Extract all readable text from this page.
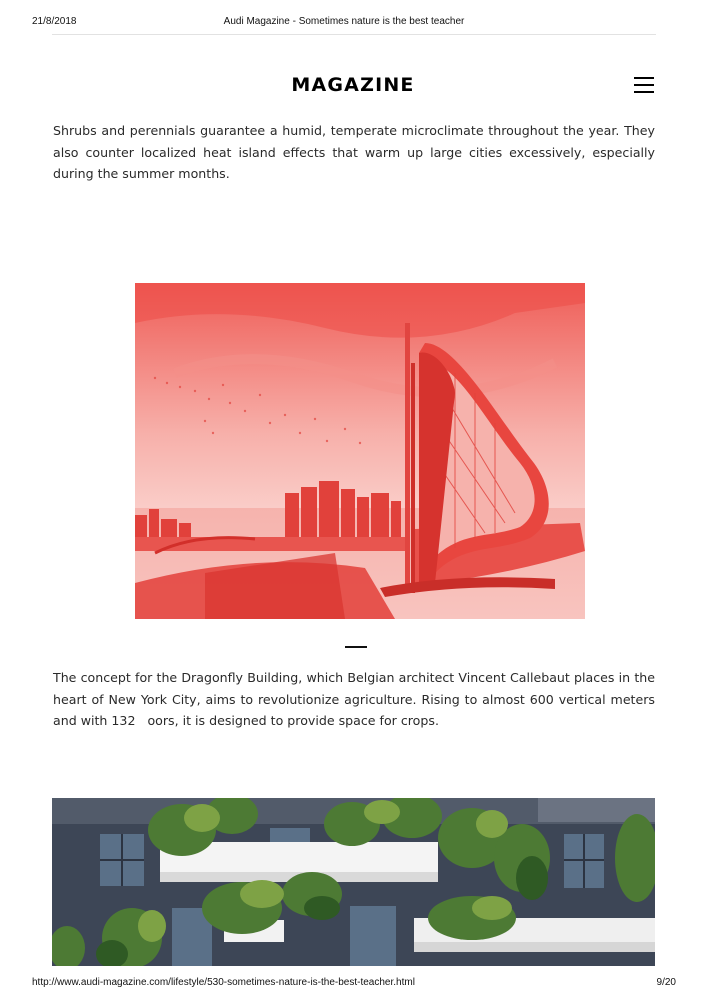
21/8/2018	Audi Magazine - Sometimes nature is the best teacher
MAGAZINE
Shrubs and perennials guarantee a humid, temperate microclimate throughout the year. They also counter localized heat island effects that warm up large cities excessively, especially during the summer months.

The concept for the Dragonfly Building, which Belgian architect Vincent Callebaut places in the heart of New York City, aims to revolutionize agriculture. Rising to almost 600 vertical meters and with 132   oors, it is designed to provide space for crops.

http://www.audi-magazine.com/lifestyle/530-sometimes-nature-is-the-best-teacher.html	9/20
